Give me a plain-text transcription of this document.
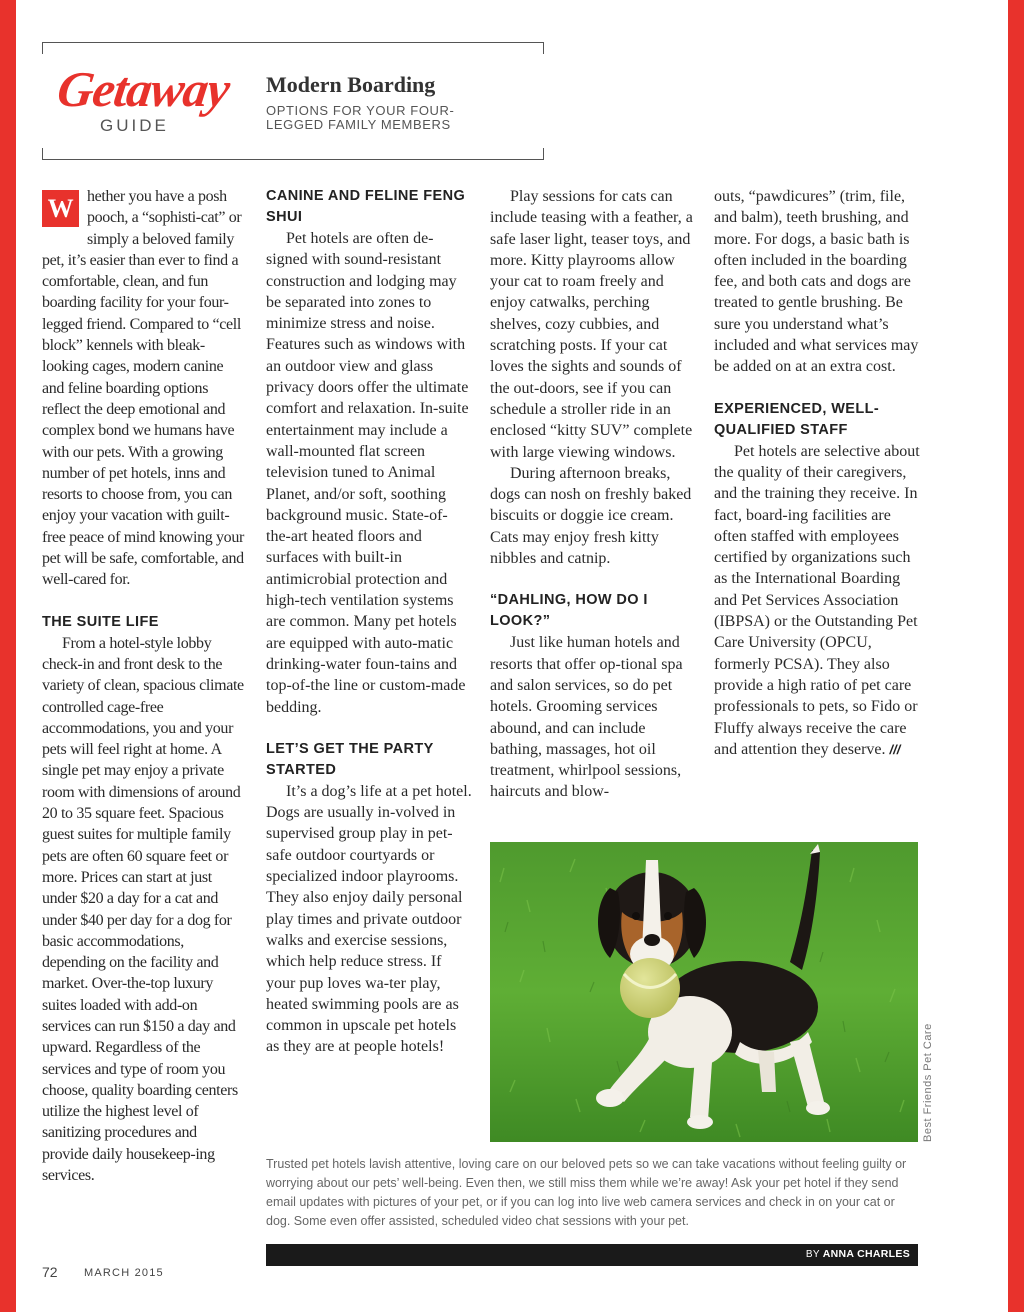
Getaway
GUIDE
Modern Boarding
OPTIONS FOR YOUR FOUR-LEGGED FAMILY MEMBERS

W hether you have a posh pooch, a “sophisti-cat” or simply a beloved family pet, it’s easier than ever to find a comfortable, clean, and fun boarding facility for your four-legged friend. Compared to “cell block” kennels with bleak-looking cages, modern canine and feline boarding options reflect the deep emotional and complex bond we humans have with our pets. With a growing number of pet hotels, inns and resorts to choose from, you can enjoy your vacation with guilt-free peace of mind knowing your pet will be safe, comfortable, and well-cared for.

THE SUITE LIFE

From a hotel-style lobby check-in and front desk to the variety of clean, spacious climate controlled cage-free accommodations, you and your pets will feel right at home. A single pet may enjoy a private room with dimensions of around 20 to 35 square feet. Spacious guest suites for multiple family pets are often 60 square feet or more. Prices can start at just under $20 a day for a cat and under $40 per day for a dog for basic accommodations, depending on the facility and market. Over-the-top luxury suites loaded with add-on services can run $150 a day and upward. Regardless of the services and type of room you choose, quality boarding centers utilize the highest level of sanitizing procedures and provide daily housekeep-ing services.

CANINE AND FELINE FENG SHUI

Pet hotels are often de-signed with sound-resistant construction and lodging may be separated into zones to minimize stress and noise. Features such as windows with an outdoor view and glass privacy doors offer the ultimate comfort and relaxation. In-suite entertainment may include a wall-mounted flat screen television tuned to Animal Planet, and/or soft, soothing background music. State-of-the-art heated floors and surfaces with built-in antimicrobial protection and high-tech ventilation systems are common. Many pet hotels are equipped with auto-matic drinking-water foun-tains and top-of-the line or custom-made bedding.

LET’S GET THE PARTY STARTED

It’s a dog’s life at a pet hotel. Dogs are usually in-volved in supervised group play in pet-safe outdoor courtyards or specialized indoor playrooms. They also enjoy daily personal play times and private outdoor walks and exercise sessions, which help reduce stress. If your pup loves wa-ter play, heated swimming pools are as common in upscale pet hotels as they are at people hotels!

Play sessions for cats can include teasing with a feather, a safe laser light, teaser toys, and more. Kitty playrooms allow your cat to roam freely and enjoy catwalks, perching shelves, cozy cubbies, and scratching posts. If your cat loves the sights and sounds of the out-doors, see if you can schedule a stroller ride in an enclosed “kitty SUV” complete with large viewing windows.

During afternoon breaks, dogs can nosh on freshly baked biscuits or doggie ice cream. Cats may enjoy fresh kitty nibbles and catnip.

“DAHLING, HOW DO I LOOK?”

Just like human hotels and resorts that offer op-tional spa and salon services, so do pet hotels. Grooming services abound, and can include bathing, massages, hot oil treatment, whirlpool sessions, haircuts and blow-

outs, “pawdicures” (trim, file, and balm), teeth brushing, and more. For dogs, a basic bath is often included in the boarding fee, and both cats and dogs are treated to gentle brushing. Be sure you understand what’s included and what services may be added on at an extra cost.

EXPERIENCED, WELL-QUALIFIED STAFF

Pet hotels are selective about the quality of their caregivers, and the training they receive. In fact, board-ing facilities are often staffed with employees certified by organizations such as the International Boarding and Pet Services Association (IBPSA) or the Outstanding Pet Care University (OPCU, formerly PCSA). They also provide a high ratio of pet care professionals to pets, so Fido or Fluffy always receive the care and attention they deserve. ///

Best Friends Pet Care
Trusted pet hotels lavish attentive, loving care on our beloved pets so we can take vacations without feeling guilty or worrying about our pets’ well-being. Even then, we still miss them while we’re away! Ask your pet hotel if they send email updates with pictures of your pet, or if you can log into live web camera services and check in on your cat or dog. Some even offer assisted, scheduled video chat sessions with your pet.
BY ANNA CHARLES
72 MARCH 2015
